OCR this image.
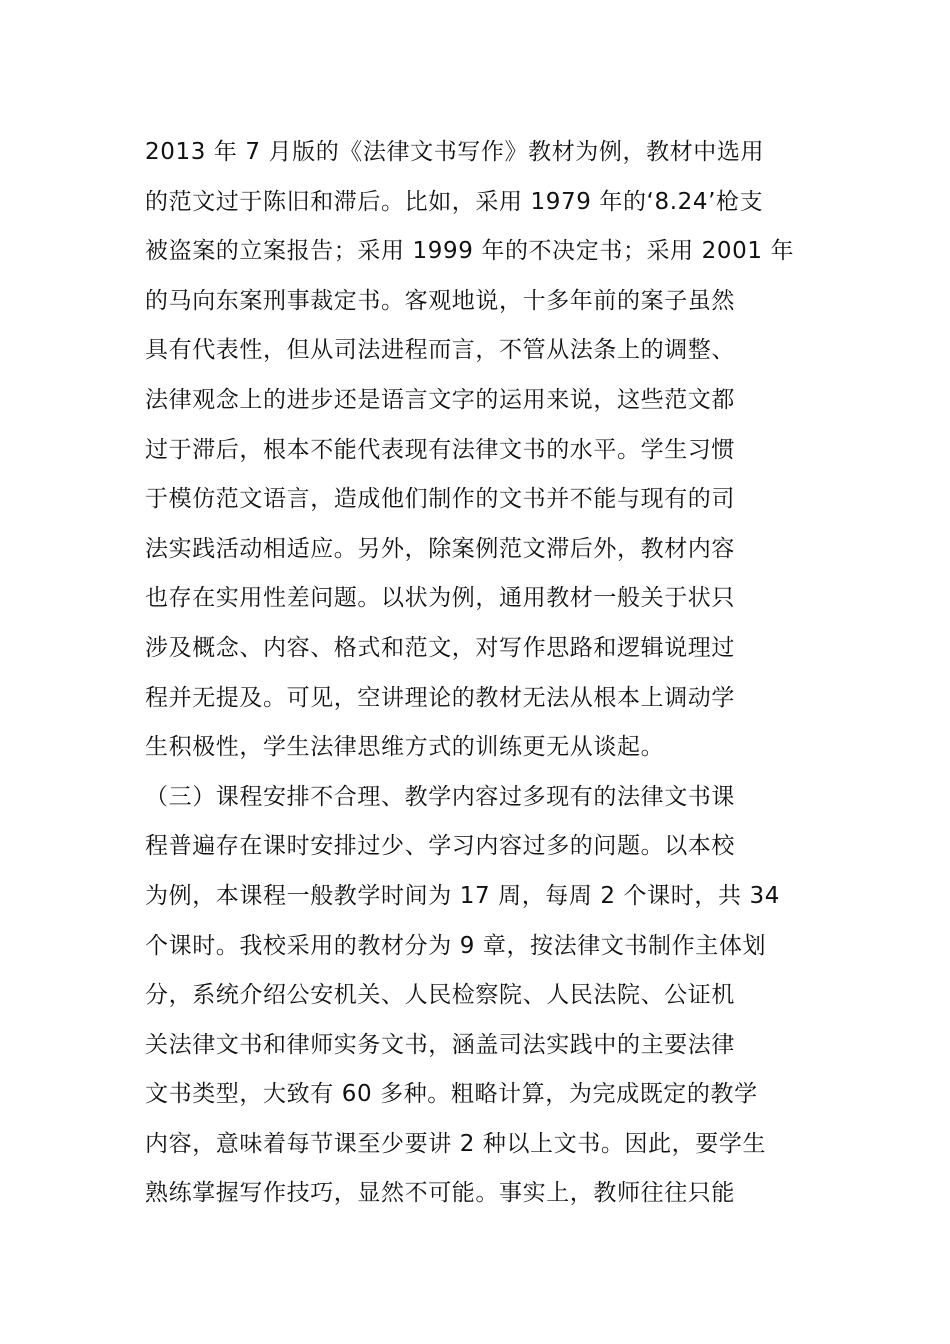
2013 年 7 月版的《法律文书写作》教材为例，教材中选用
的范文过于陈旧和滞后。比如，采用 1979 年的‘8.24’枪支
被盗案的立案报告；采用 1999 年的不决定书；采用 2001 年
的马向东案刑事裁定书。客观地说，十多年前的案子虽然
具有代表性，但从司法进程而言，不管从法条上的调整、
法律观念上的进步还是语言文字的运用来说，这些范文都
过于滞后，根本不能代表现有法律文书的水平。学生习惯
于模仿范文语言，造成他们制作的文书并不能与现有的司
法实践活动相适应。另外，除案例范文滞后外，教材内容
也存在实用性差问题。以状为例，通用教材一般关于状只
涉及概念、内容、格式和范文，对写作思路和逻辑说理过
程并无提及。可见，空讲理论的教材无法从根本上调动学
生积极性，学生法律思维方式的训练更无从谈起。
（三）课程安排不合理、教学内容过多现有的法律文书课
程普遍存在课时安排过少、学习内容过多的问题。以本校
为例，本课程一般教学时间为 17 周，每周 2 个课时，共 34
个课时。我校采用的教材分为 9 章，按法律文书制作主体划
分，系统介绍公安机关、人民检察院、人民法院、公证机
关法律文书和律师实务文书，涵盖司法实践中的主要法律
文书类型，大致有 60 多种。粗略计算，为完成既定的教学
内容，意味着每节课至少要讲 2 种以上文书。因此，要学生
熟练掌握写作技巧，显然不可能。事实上，教师往往只能
